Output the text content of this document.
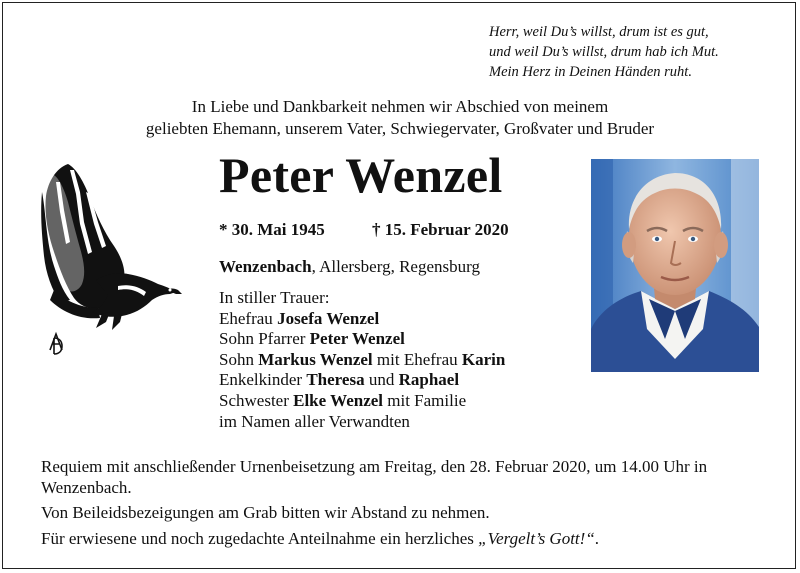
Herr, weil Du’s willst, drum ist es gut,
und weil Du’s willst, drum hab ich Mut.
Mein Herz in Deinen Händen ruht.
In Liebe und Dankbarkeit nehmen wir Abschied von meinem
geliebten Ehemann, unserem Vater, Schwiegervater, Großvater und Bruder
Peter Wenzel
* 30. Mai 1945	† 15. Februar 2020
Wenzenbach, Allersberg, Regensburg
In stiller Trauer:
Ehefrau Josefa Wenzel
Sohn Pfarrer Peter Wenzel
Sohn Markus Wenzel mit Ehefrau Karin
Enkelkinder Theresa und Raphael
Schwester Elke Wenzel mit Familie
im Namen aller Verwandten

Requiem mit anschließender Urnenbeisetzung am Freitag, den 28. Februar 2020, um 14.00 Uhr in Wenzenbach.

Von Beileidsbezeigungen am Grab bitten wir Abstand zu nehmen.

Für erwiesene und noch zugedachte Anteilnahme ein herzliches „Vergelt’s Gott!“.
